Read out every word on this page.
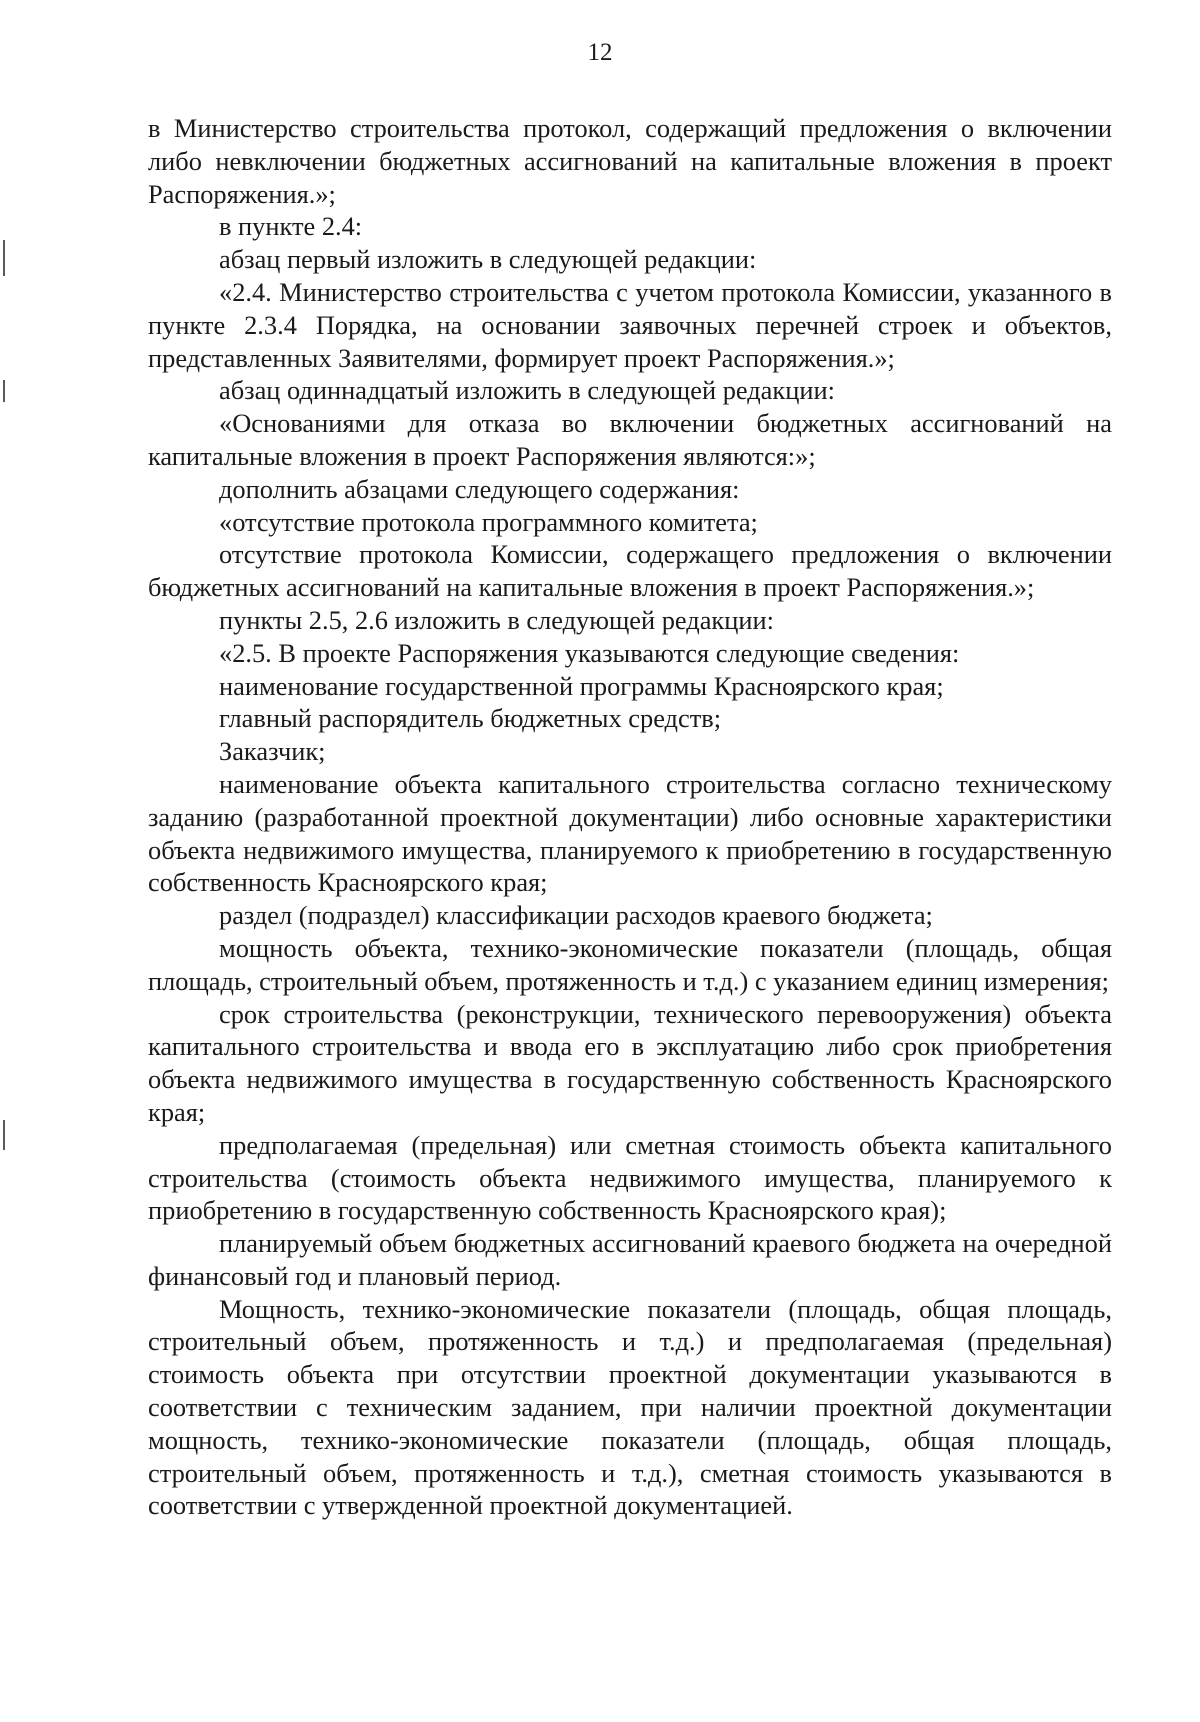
12

в Министерство строительства протокол, содержащий предложения о включении либо невключении бюджетных ассигнований на капитальные вложения в проект Распоряжения.»;

в пункте 2.4:

абзац первый изложить в следующей редакции:

«2.4. Министерство строительства с учетом протокола Комиссии, указанного в пункте 2.3.4 Порядка, на основании заявочных перечней строек и объектов, представленных Заявителями, формирует проект Распоряжения.»;

абзац одиннадцатый изложить в следующей редакции:

«Основаниями для отказа во включении бюджетных ассигнований на капитальные вложения в проект Распоряжения являются:»;

дополнить абзацами следующего содержания:

«отсутствие протокола программного комитета;

отсутствие протокола Комиссии, содержащего предложения о включении бюджетных ассигнований на капитальные вложения в проект Распоряжения.»;

пункты 2.5, 2.6 изложить в следующей редакции:

«2.5. В проекте Распоряжения указываются следующие сведения:

наименование государственной программы Красноярского края;

главный распорядитель бюджетных средств;

Заказчик;

наименование объекта капитального строительства согласно техническому заданию (разработанной проектной документации) либо основные характеристики объекта недвижимого имущества, планируемого к приобретению в государственную собственность Красноярского края;

раздел (подраздел) классификации расходов краевого бюджета;

мощность объекта, технико-экономические показатели (площадь, общая площадь, строительный объем, протяженность и т.д.) с указанием единиц измерения;

срок строительства (реконструкции, технического перевооружения) объекта капитального строительства и ввода его в эксплуатацию либо срок приобретения объекта недвижимого имущества в государственную собственность Красноярского края;

предполагаемая (предельная) или сметная стоимость объекта капитального строительства (стоимость объекта недвижимого имущества, планируемого к приобретению в государственную собственность Красноярского края);

планируемый объем бюджетных ассигнований краевого бюджета на очередной финансовый год и плановый период.

Мощность, технико-экономические показатели (площадь, общая площадь, строительный объем, протяженность и т.д.) и предполагаемая (предельная) стоимость объекта при отсутствии проектной документации указываются в соответствии с техническим заданием, при наличии проектной документации мощность, технико-экономические показатели (площадь, общая площадь, строительный объем, протяженность и т.д.), сметная стоимость указываются в соответствии с утвержденной проектной документацией.
